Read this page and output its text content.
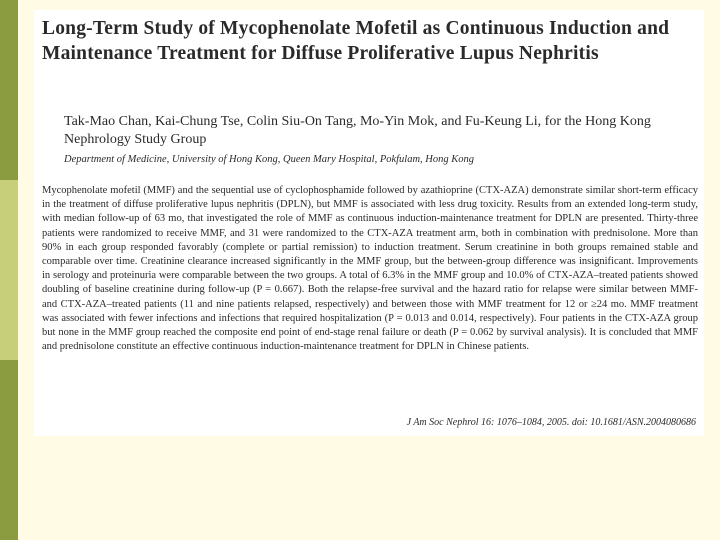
Long-Term Study of Mycophenolate Mofetil as Continuous Induction and Maintenance Treatment for Diffuse Proliferative Lupus Nephritis

Tak-Mao Chan, Kai-Chung Tse, Colin Siu-On Tang, Mo-Yin Mok, and Fu-Keung Li, for the Hong Kong Nephrology Study Group

Department of Medicine, University of Hong Kong, Queen Mary Hospital, Pokfulam, Hong Kong

Mycophenolate mofetil (MMF) and the sequential use of cyclophosphamide followed by azathioprine (CTX-AZA) demonstrate similar short-term efficacy in the treatment of diffuse proliferative lupus nephritis (DPLN), but MMF is associated with less drug toxicity. Results from an extended long-term study, with median follow-up of 63 mo, that investigated the role of MMF as continuous induction-maintenance treatment for DPLN are presented. Thirty-three patients were randomized to receive MMF, and 31 were randomized to the CTX-AZA treatment arm, both in combination with prednisolone. More than 90% in each group responded favorably (complete or partial remission) to induction treatment. Serum creatinine in both groups remained stable and comparable over time. Creatinine clearance increased significantly in the MMF group, but the between-group difference was insignificant. Improvements in serology and proteinuria were comparable between the two groups. A total of 6.3% in the MMF group and 10.0% of CTX-AZA–treated patients showed doubling of baseline creatinine during follow-up (P = 0.667). Both the relapse-free survival and the hazard ratio for relapse were similar between MMF- and CTX-AZA–treated patients (11 and nine patients relapsed, respectively) and between those with MMF treatment for 12 or ≥24 mo. MMF treatment was associated with fewer infections and infections that required hospitalization (P = 0.013 and 0.014, respectively). Four patients in the CTX-AZA group but none in the MMF group reached the composite end point of end-stage renal failure or death (P = 0.062 by survival analysis). It is concluded that MMF and prednisolone constitute an effective continuous induction-maintenance treatment for DPLN in Chinese patients.

J Am Soc Nephrol 16: 1076–1084, 2005. doi: 10.1681/ASN.2004080686
